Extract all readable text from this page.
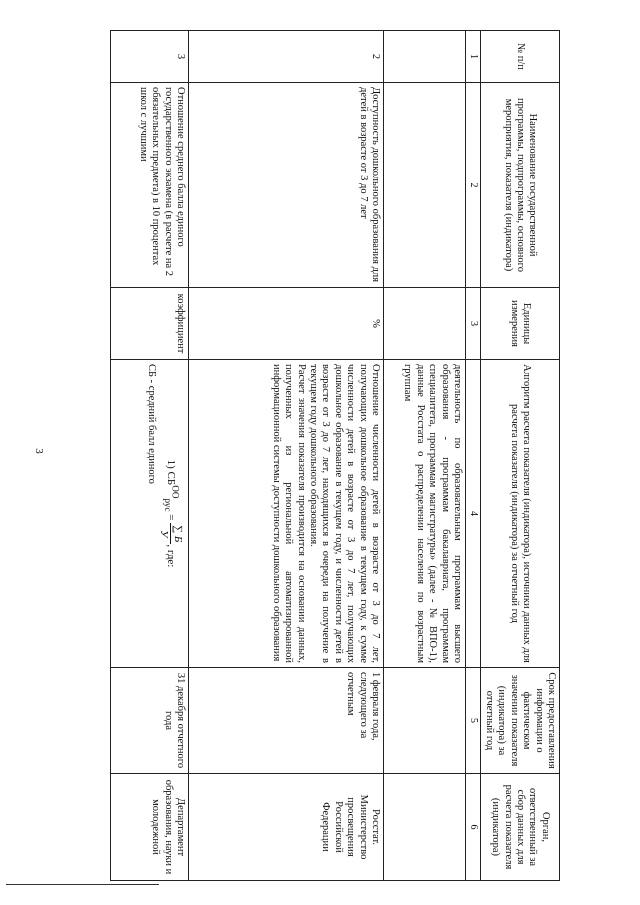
3
№ п/п	Наименование государственной программы, подпрограммы, основного мероприятия, показателя (индикатора)	Единицы измерения	Алгоритм расчета показателя (индикатора), источники данных для расчета показателя (индикатора) за отчетный год	Срок предоставления информации о фактическом значении показателя (индикатора) за отчетный год	Орган, ответственный за сбор данных для расчета показателя (индикатора)
1	2	3	4	5	6
			деятельность по образовательным программам высшего образования - программам бакалавриата, программам специалитета, программам магистратуры» (далее - № ВПО-1), данные Росстата о распределении населения по возрастным группам		
2	Доступность дошкольного образования для детей в возрасте от 3 до 7 лет	%	Отношение численности детей в возрасте от 3 до 7 лет, получающих дошкольное образование в текущем году, к сумме численности детей в возрасте от 3 до 7 лет, получающих дошкольное образование в текущем году, и численности детей в возрасте от 3 до 7 лет, находящихся в очереди на получение в текущем году дошкольного образования.
Расчет значения показателя производится на основании данных, полученных из региональной автоматизированной информационной системы доступности дошкольного образования	1 февраля года, следующего за отчетным	Росстат. Министерство просвещения Российской Федерации
3	Отношение среднего балла единого государственного экзамена (в расчете на 2 обязательных предмета) в 10 процентах школ с лучшими	коэффициент	1) $СБ^{OO}_{рус}$ =
∑ Б
У
, где:
СБ - средний балл единого	31 декабря отчетного года	Департамент образования, науки и молодежной
